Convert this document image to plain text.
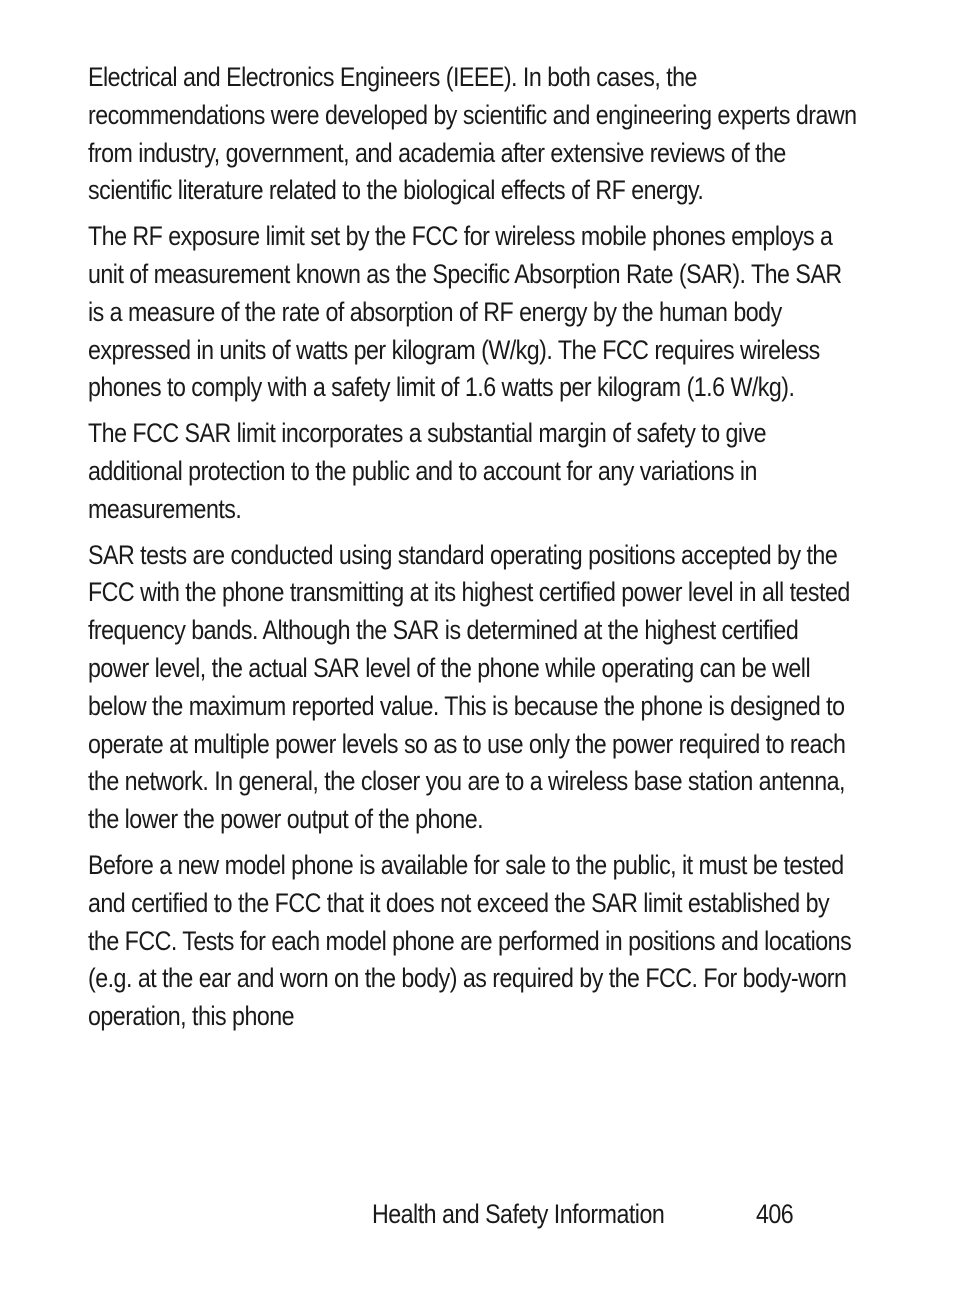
Electrical and Electronics Engineers (IEEE). In both cases, the recommendations were developed by scientific and engineering experts drawn from industry, government, and academia after extensive reviews of the scientific literature related to the biological effects of RF energy.

The RF exposure limit set by the FCC for wireless mobile phones employs a unit of measurement known as the Specific Absorption Rate (SAR). The SAR is a measure of the rate of absorption of RF energy by the human body expressed in units of watts per kilogram (W/kg). The FCC requires wireless phones to comply with a safety limit of 1.6 watts per kilogram (1.6 W/kg).

The FCC SAR limit incorporates a substantial margin of safety to give additional protection to the public and to account for any variations in measurements.

SAR tests are conducted using standard operating positions accepted by the FCC with the phone transmitting at its highest certified power level in all tested frequency bands. Although the SAR is determined at the highest certified power level, the actual SAR level of the phone while operating can be well below the maximum reported value. This is because the phone is designed to operate at multiple power levels so as to use only the power required to reach the network. In general, the closer you are to a wireless base station antenna, the lower the power output of the phone.

Before a new model phone is available for sale to the public, it must be tested and certified to the FCC that it does not exceed the SAR limit established by the FCC. Tests for each model phone are performed in positions and locations (e.g. at the ear and worn on the body) as required by the FCC. For body-worn operation, this phone

Health and Safety Information	406
